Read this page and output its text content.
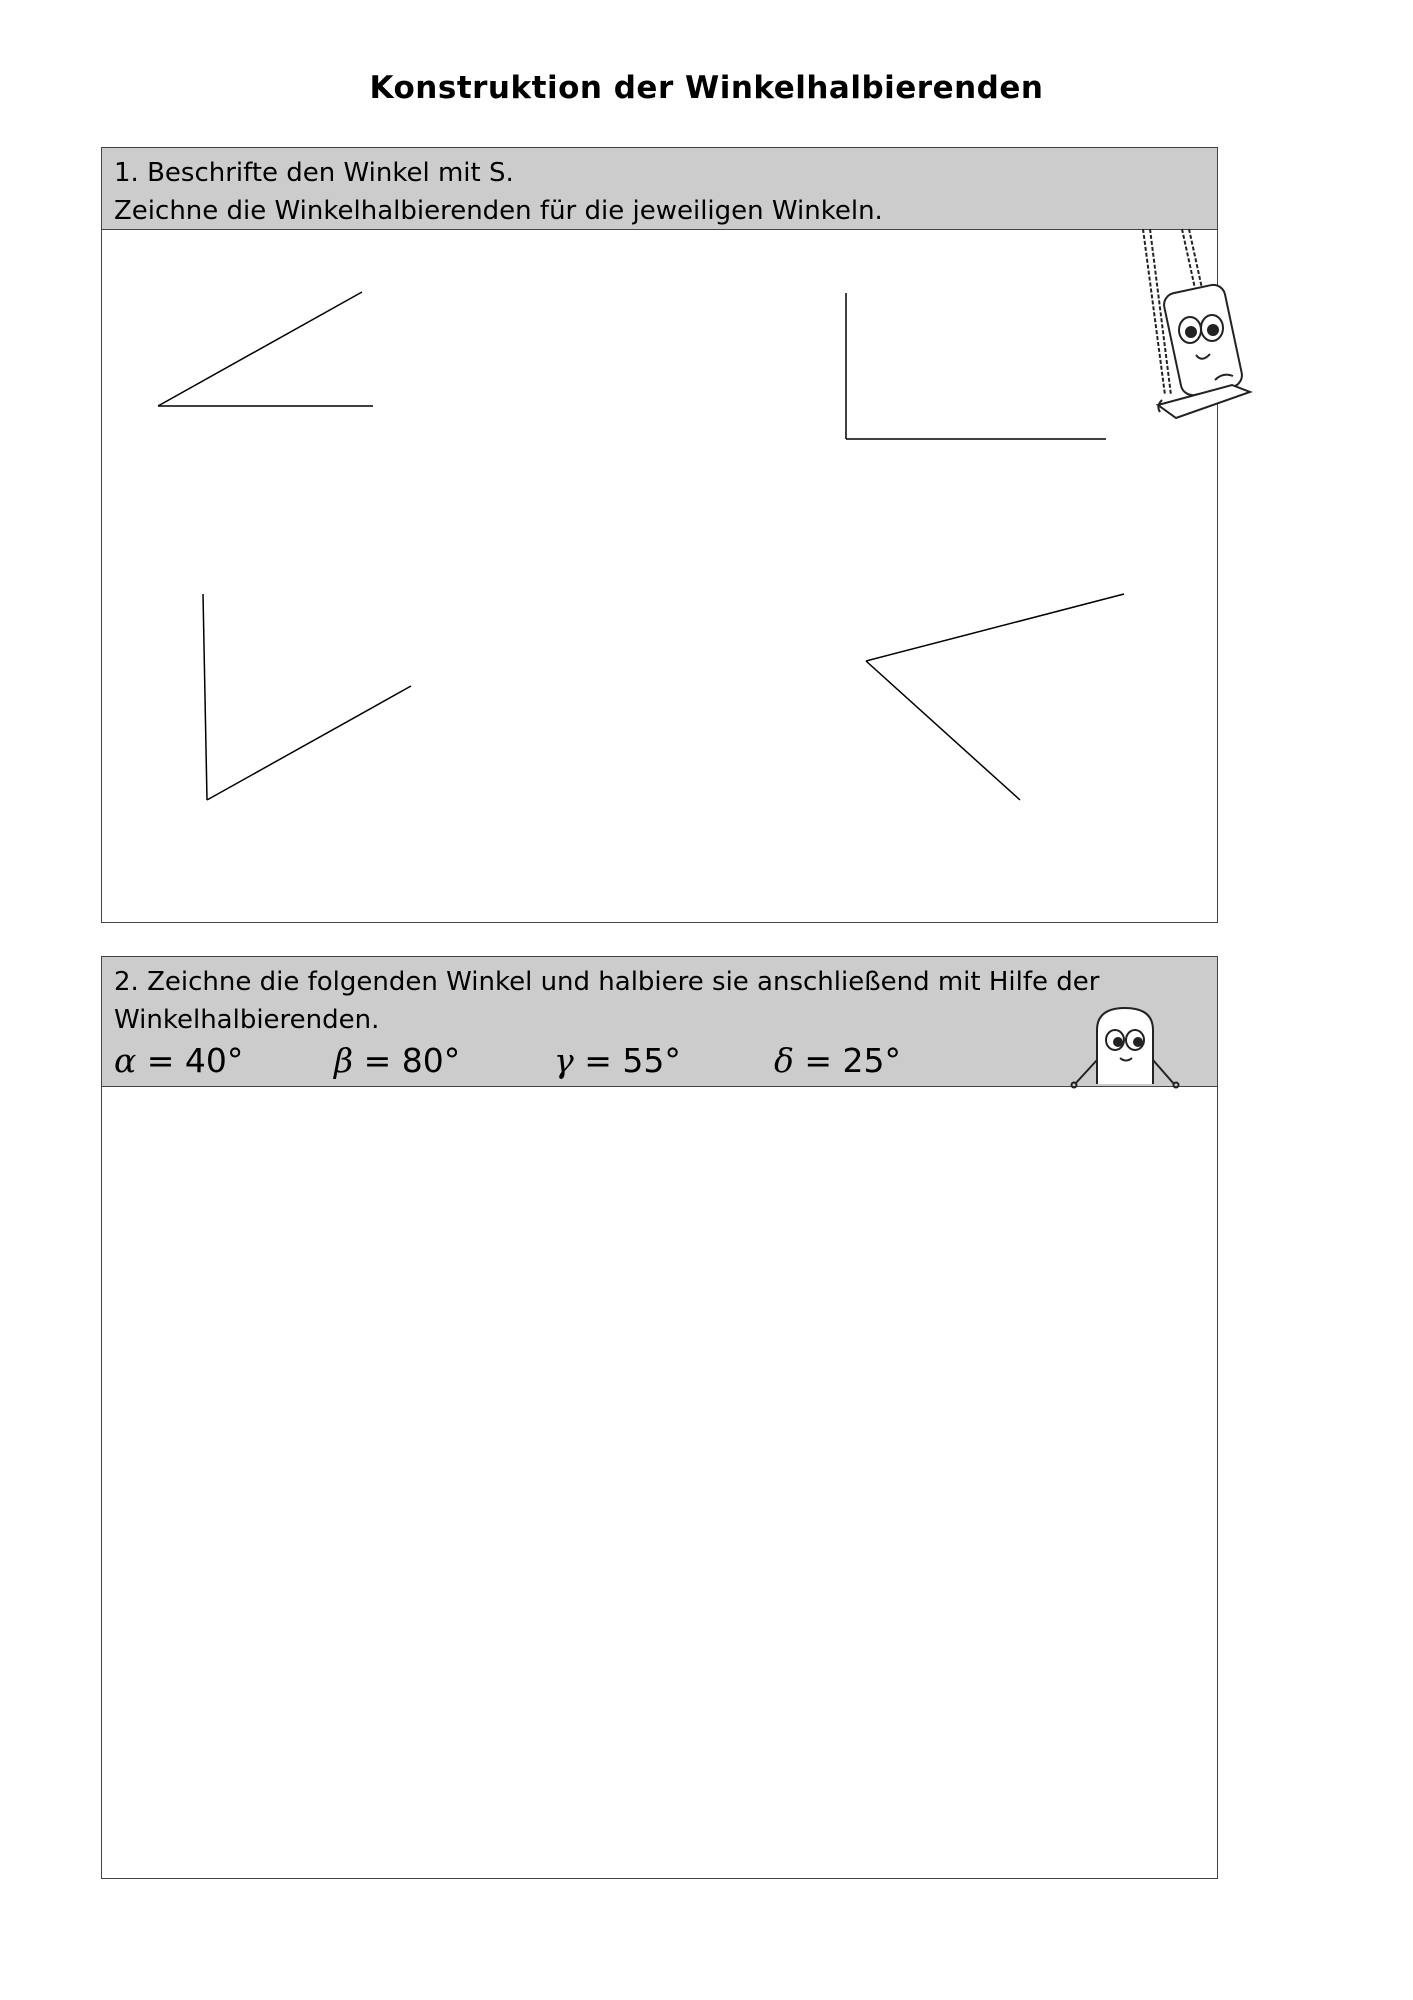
Konstruktion der Winkelhalbierenden
1. Beschrifte den Winkel mit S.
Zeichne die Winkelhalbierenden für die jeweiligen Winkeln.
2. Zeichne die folgenden Winkel und halbiere sie anschließend mit Hilfe der
Winkelhalbierenden.
α = 40°	β = 80°	γ = 55°	δ = 25°
